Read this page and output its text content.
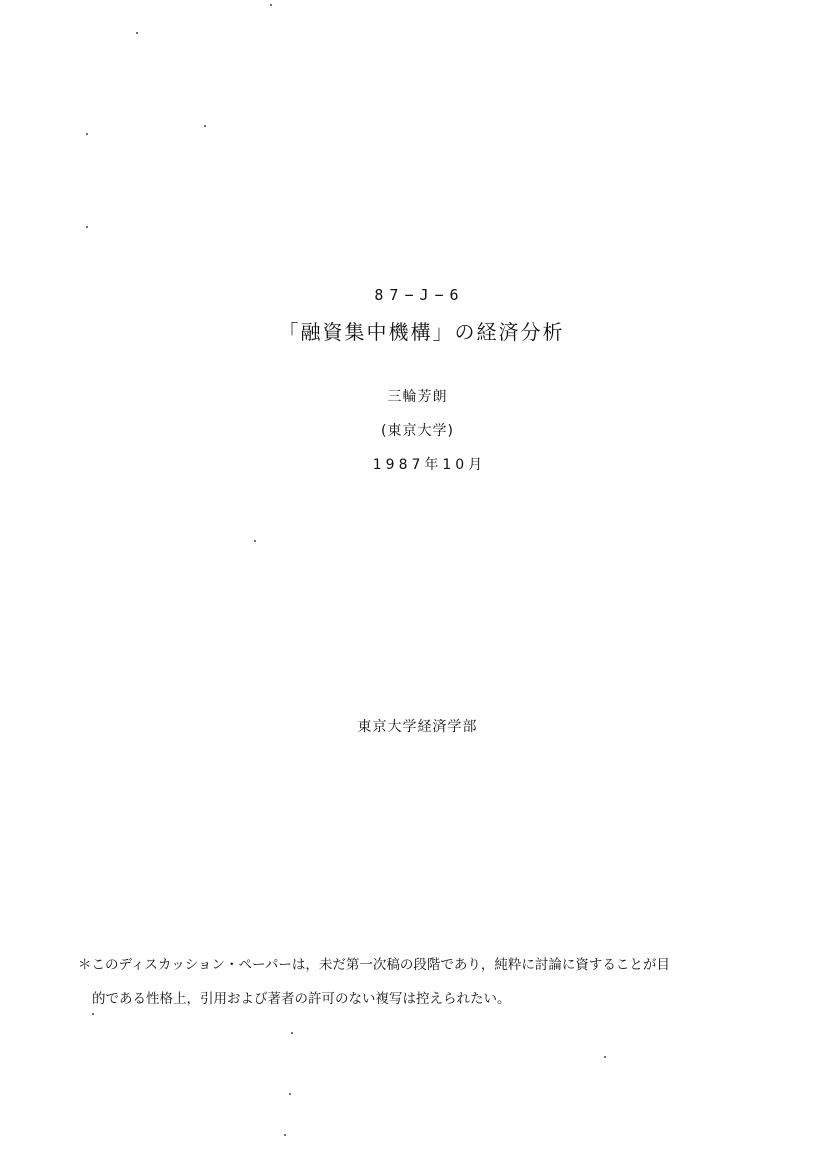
87−J−6
「融資集中機構」の経済分析
三輪芳朗
(東京大学)
1987年10月
東京大学経済学部
＊このディスカッション・ペーパーは，未だ第一次稿の段階であり，純粋に討論に資することが目
的である性格上，引用および著者の許可のない複写は控えられたい。
